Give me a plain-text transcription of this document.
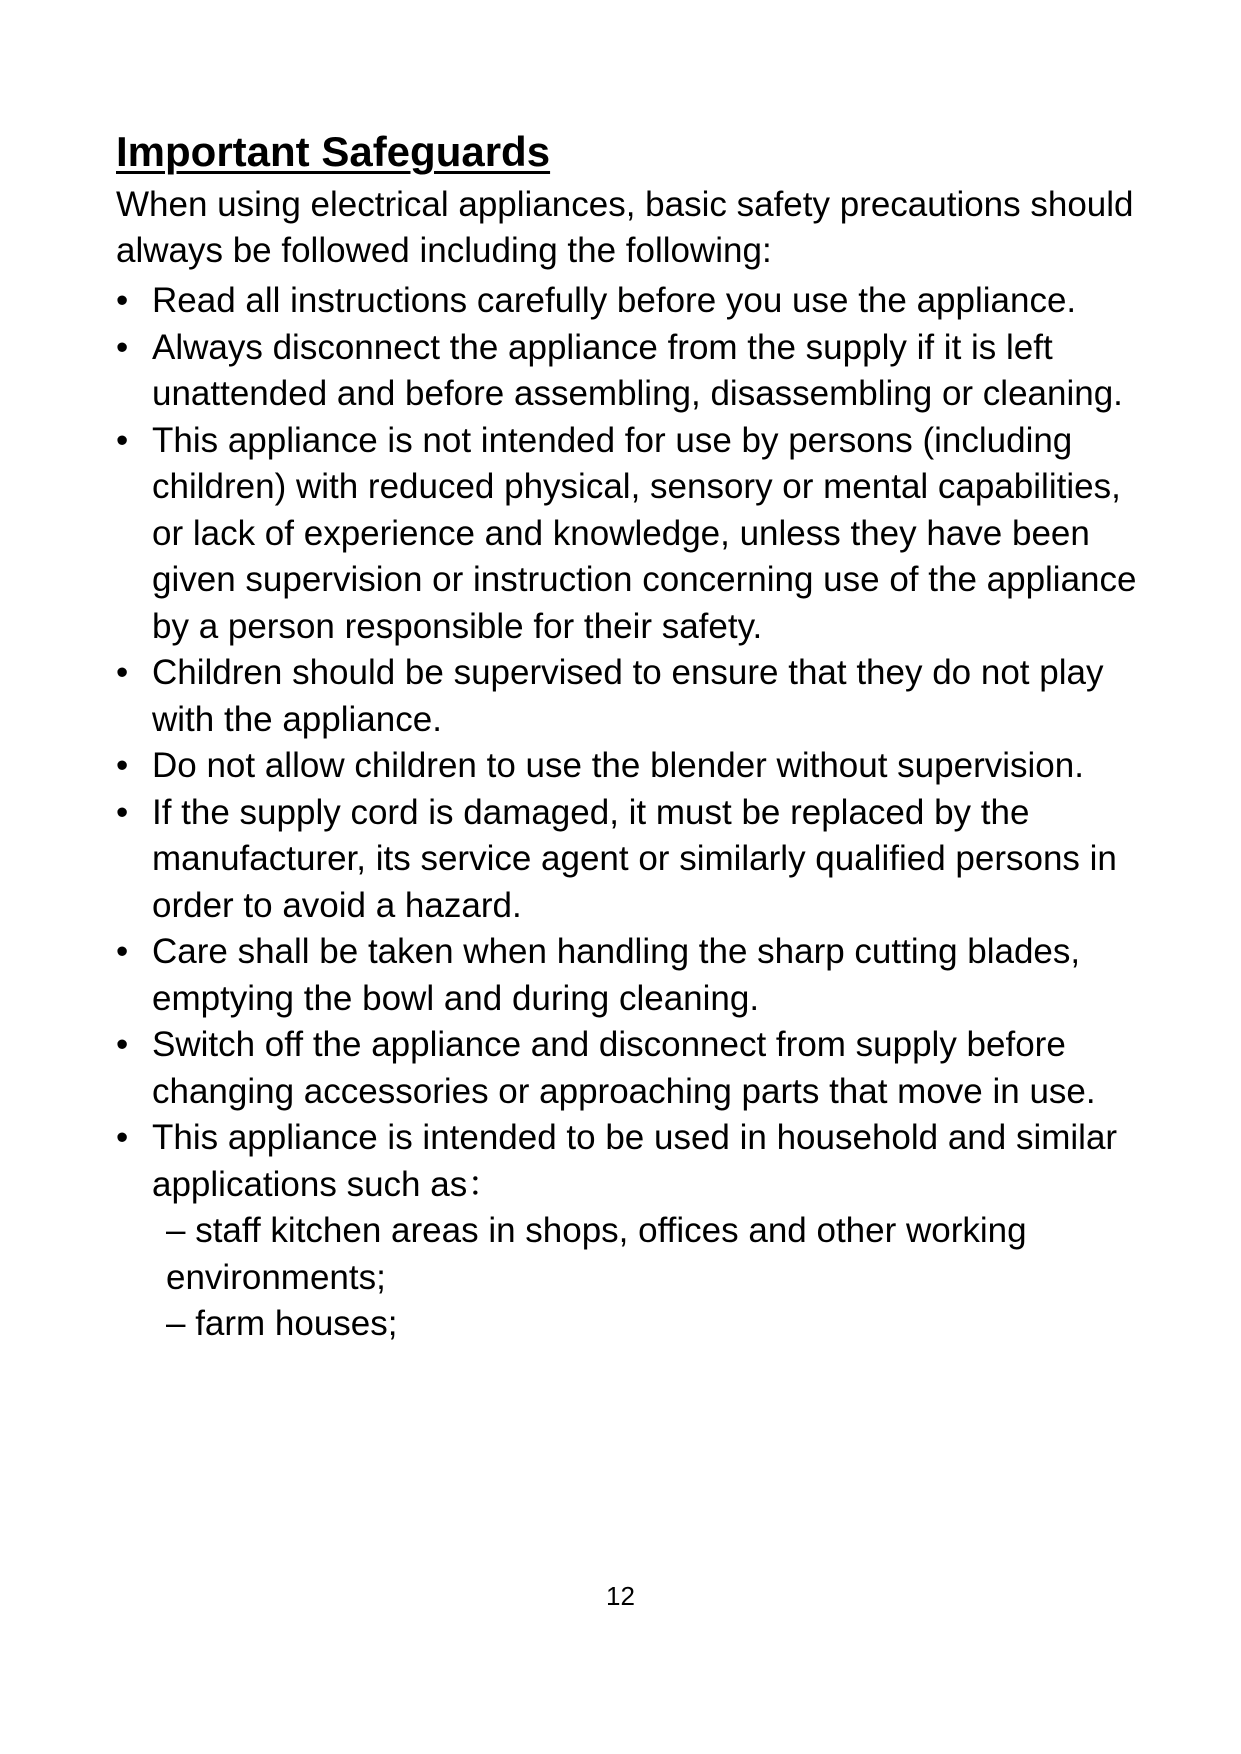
Important Safeguards

When using electrical appliances, basic safety precautions should always be followed including the following:

• Read all instructions carefully before you use the appliance.
• Always disconnect the appliance from the supply if it is left unattended and before assembling, disassembling or cleaning.
• This appliance is not intended for use by persons (including children) with reduced physical, sensory or mental capabilities, or lack of experience and knowledge, unless they have been given supervision or instruction concerning use of the appliance by a person responsible for their safety.
• Children should be supervised to ensure that they do not play with the appliance.
• Do not allow children to use the blender without supervision.
• If the supply cord is damaged, it must be replaced by the manufacturer, its service agent or similarly qualified persons in order to avoid a hazard.
• Care shall be taken when handling the sharp cutting blades, emptying the bowl and during cleaning.
• Switch off the appliance and disconnect from supply before changing accessories or approaching parts that move in use.
• This appliance is intended to be used in household and similar applications such as：
– staff kitchen areas in shops, offices and other working environments;
– farm houses;
12
